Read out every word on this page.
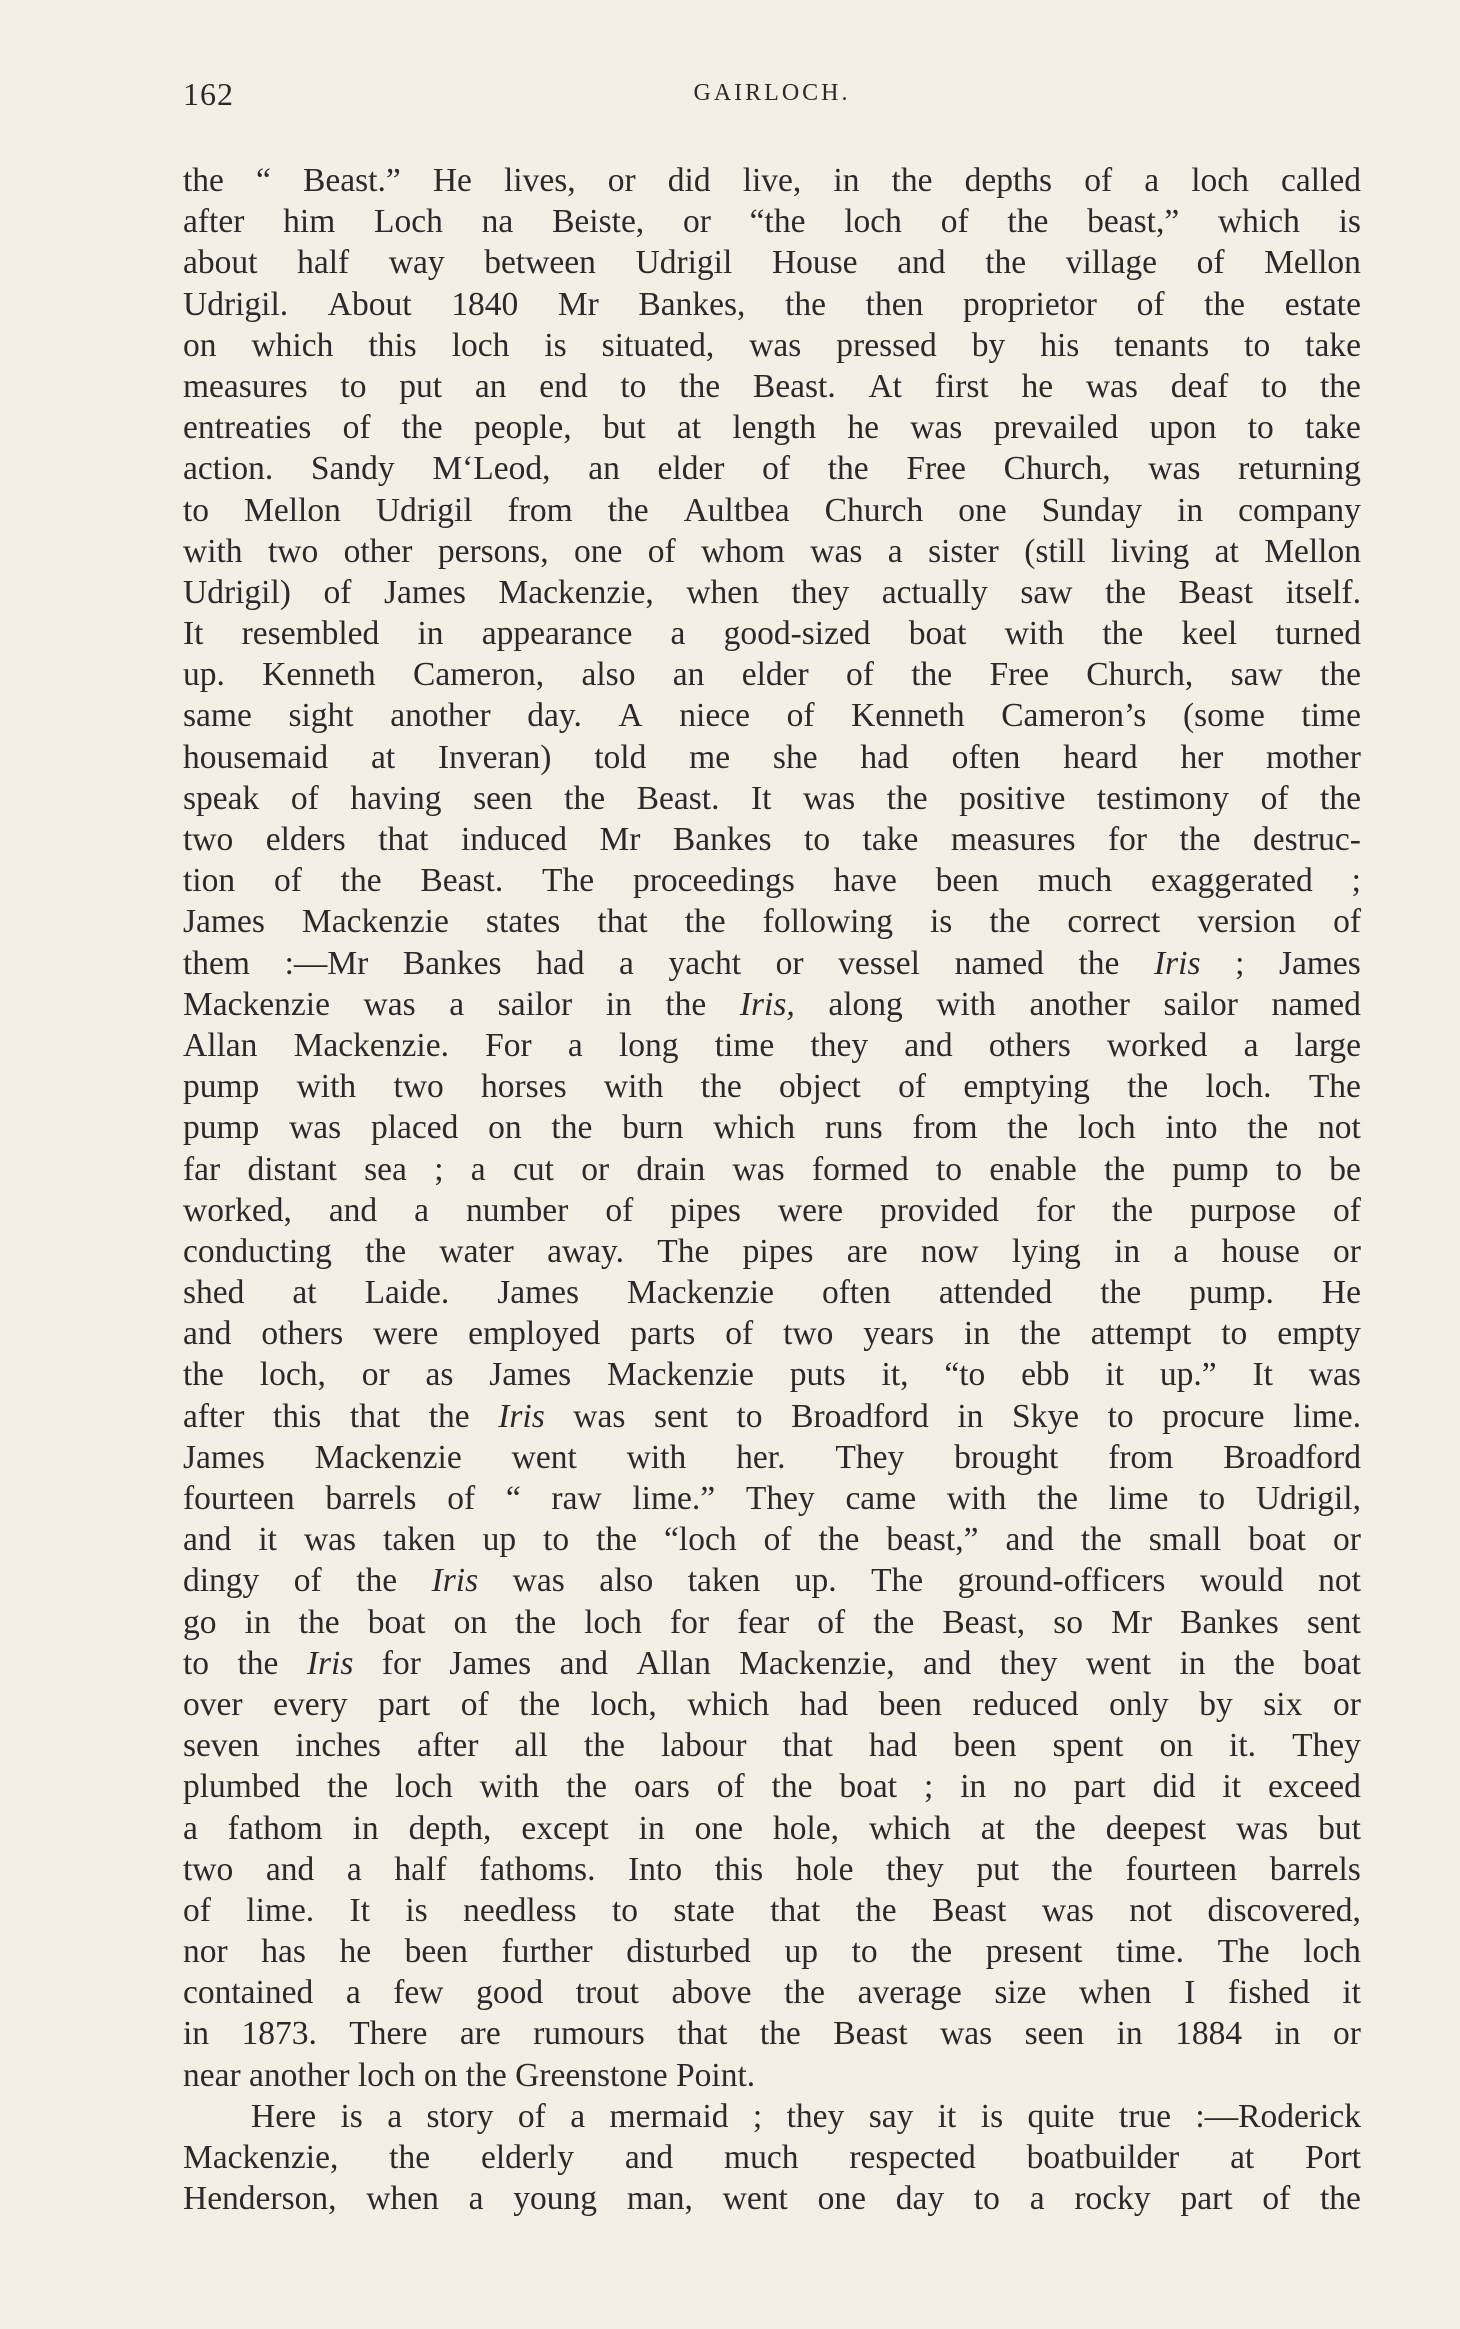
162	GAIRLOCH.
the “ Beast.” He lives, or did live, in the depths of a loch called
after him Loch na Beiste, or “the loch of the beast,” which is
about half way between Udrigil House and the village of Mellon
Udrigil. About 1840 Mr Bankes, the then proprietor of the estate
on which this loch is situated, was pressed by his tenants to take
measures to put an end to the Beast. At first he was deaf to the
entreaties of the people, but at length he was prevailed upon to take
action. Sandy M‘Leod, an elder of the Free Church, was returning
to Mellon Udrigil from the Aultbea Church one Sunday in company
with two other persons, one of whom was a sister (still living at Mellon
Udrigil) of James Mackenzie, when they actually saw the Beast itself.
It resembled in appearance a good-sized boat with the keel turned
up. Kenneth Cameron, also an elder of the Free Church, saw the
same sight another day. A niece of Kenneth Cameron’s (some time
housemaid at Inveran) told me she had often heard her mother
speak of having seen the Beast. It was the positive testimony of the
two elders that induced Mr Bankes to take measures for the destruc-
tion of the Beast. The proceedings have been much exaggerated ;
James Mackenzie states that the following is the correct version of
them :—Mr Bankes had a yacht or vessel named the Iris ; James
Mackenzie was a sailor in the Iris, along with another sailor named
Allan Mackenzie. For a long time they and others worked a large
pump with two horses with the object of emptying the loch. The
pump was placed on the burn which runs from the loch into the not
far distant sea ; a cut or drain was formed to enable the pump to be
worked, and a number of pipes were provided for the purpose of
conducting the water away. The pipes are now lying in a house or
shed at Laide. James Mackenzie often attended the pump. He
and others were employed parts of two years in the attempt to empty
the loch, or as James Mackenzie puts it, “to ebb it up.” It was
after this that the Iris was sent to Broadford in Skye to procure lime.
James Mackenzie went with her. They brought from Broadford
fourteen barrels of “ raw lime.” They came with the lime to Udrigil,
and it was taken up to the “loch of the beast,” and the small boat or
dingy of the Iris was also taken up. The ground-officers would not
go in the boat on the loch for fear of the Beast, so Mr Bankes sent
to the Iris for James and Allan Mackenzie, and they went in the boat
over every part of the loch, which had been reduced only by six or
seven inches after all the labour that had been spent on it. They
plumbed the loch with the oars of the boat ; in no part did it exceed
a fathom in depth, except in one hole, which at the deepest was but
two and a half fathoms. Into this hole they put the fourteen barrels
of lime. It is needless to state that the Beast was not discovered,
nor has he been further disturbed up to the present time. The loch
contained a few good trout above the average size when I fished it
in 1873. There are rumours that the Beast was seen in 1884 in or
near another loch on the Greenstone Point.
Here is a story of a mermaid ; they say it is quite true :—Roderick
Mackenzie, the elderly and much respected boatbuilder at Port
Henderson, when a young man, went one day to a rocky part of the
